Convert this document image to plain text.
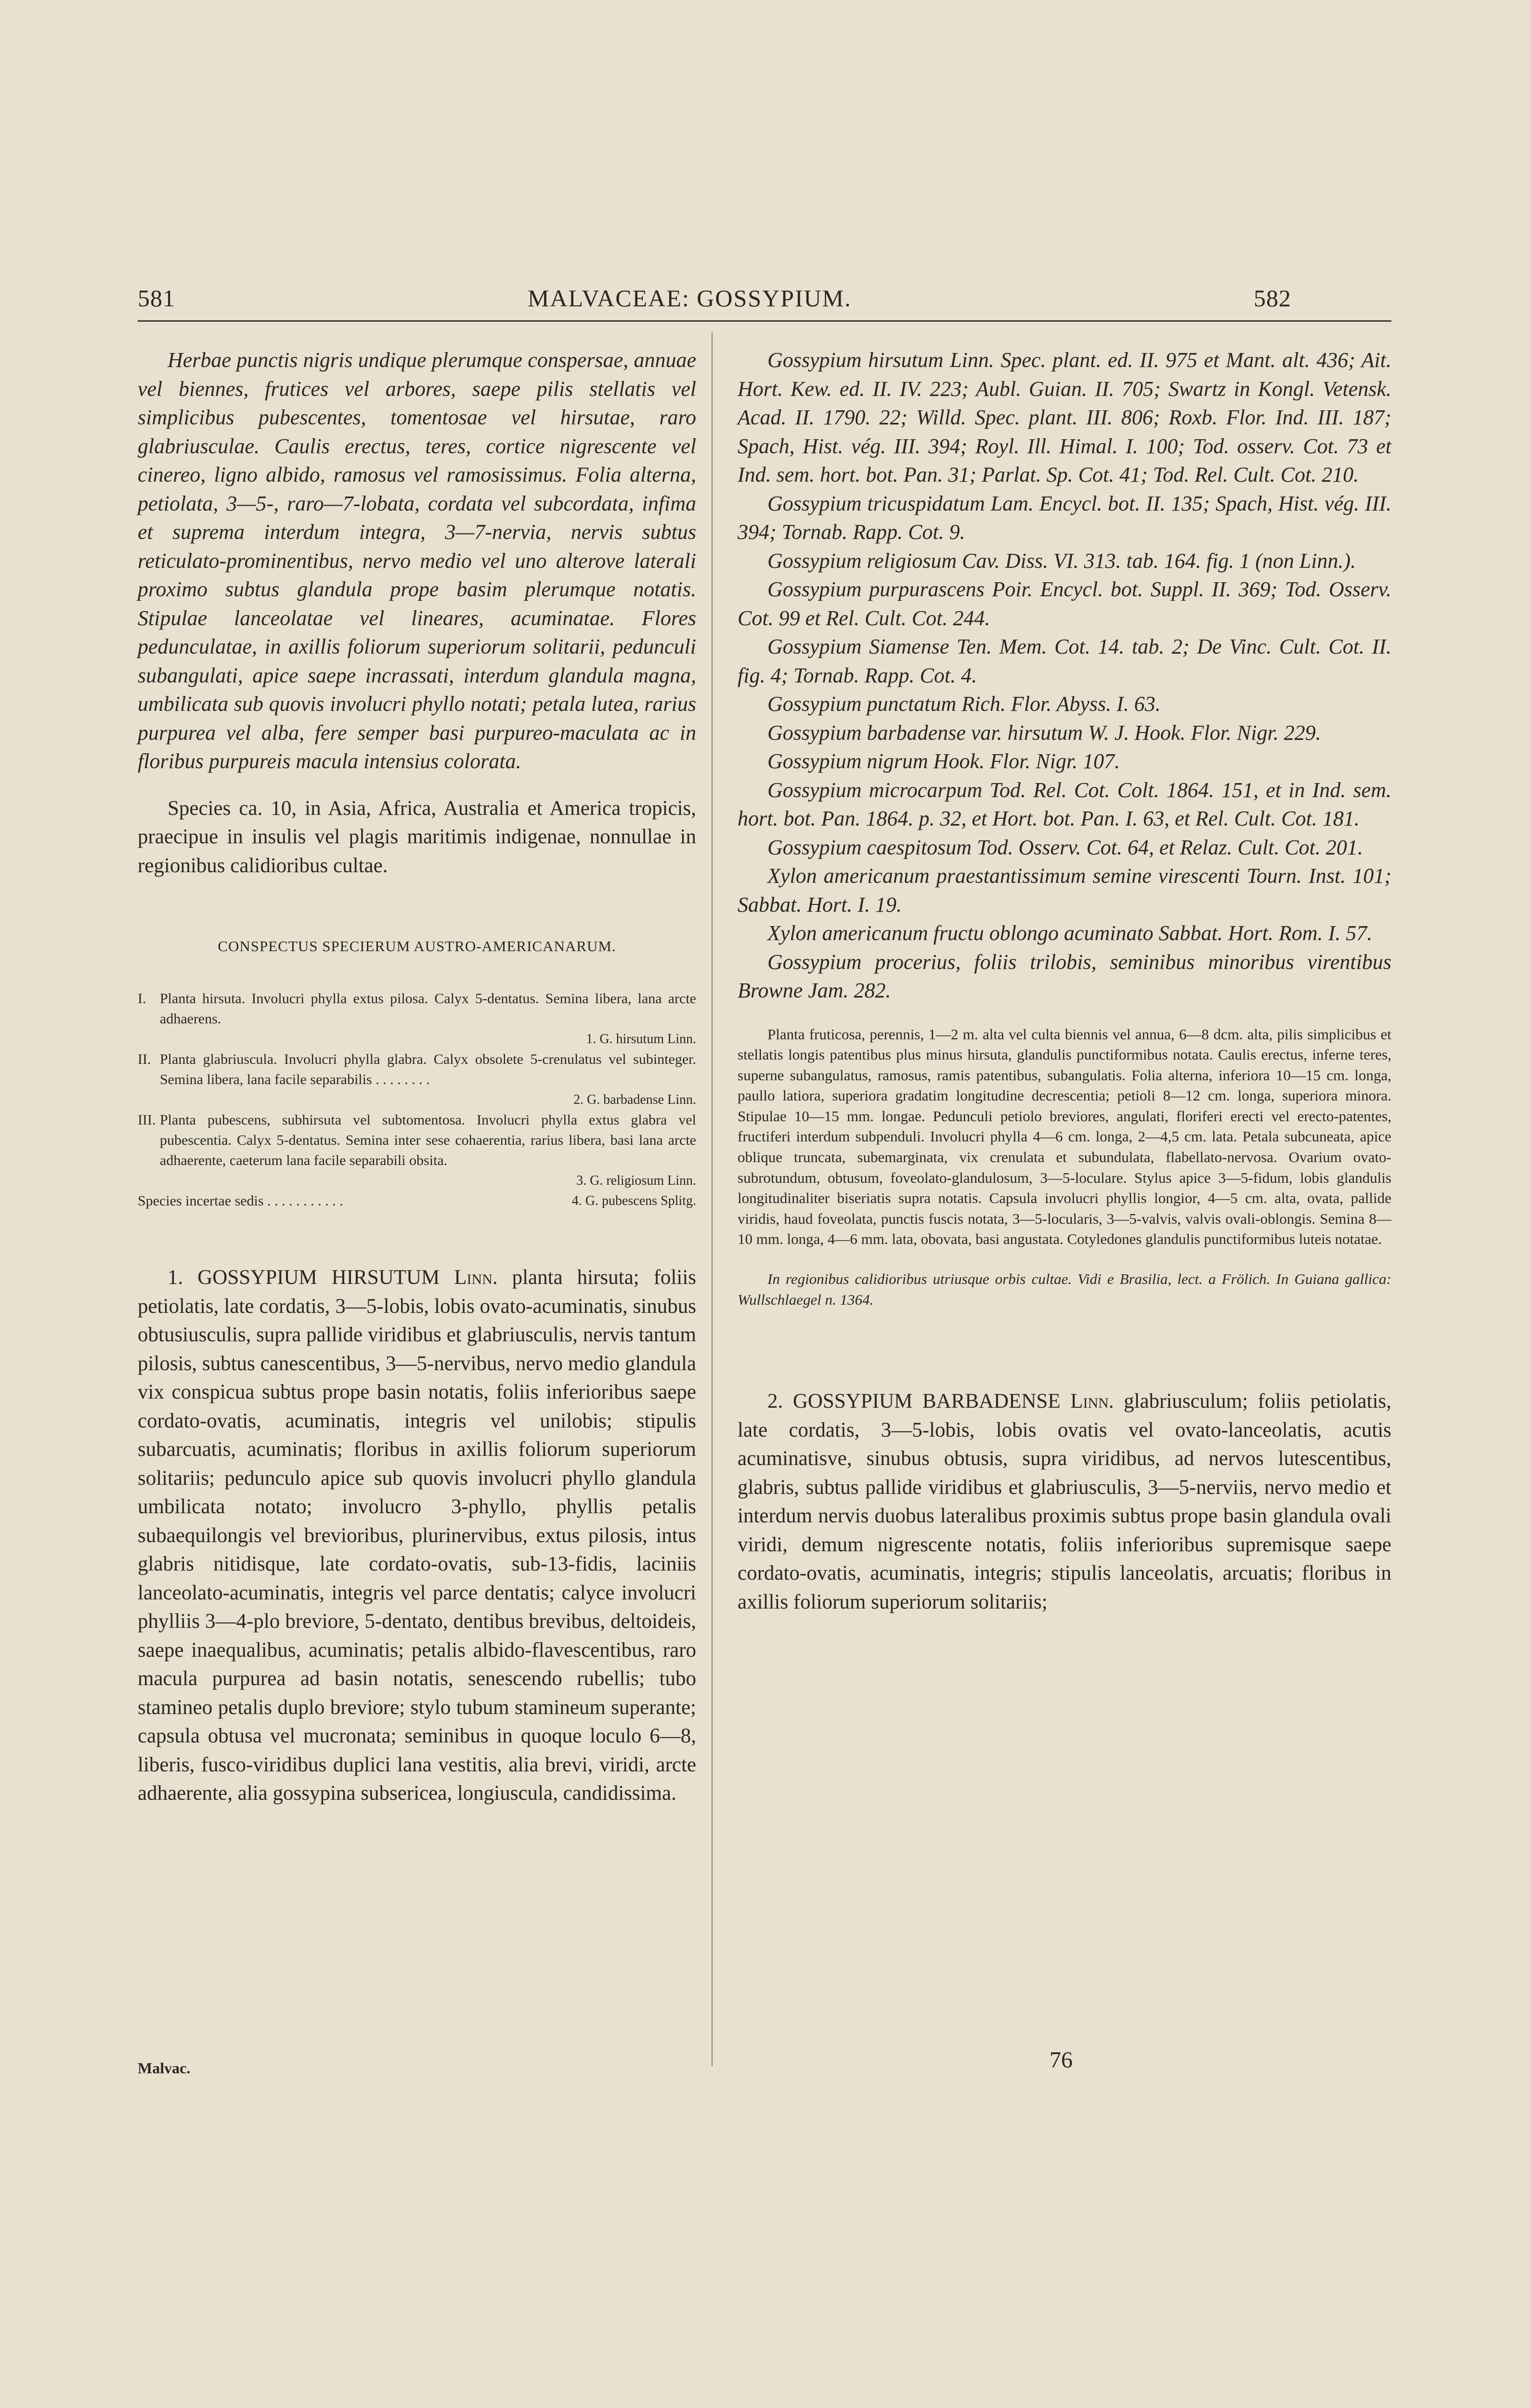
581	MALVACEAE: GOSSYPIUM.	582

Herbae punctis nigris undique plerumque conspersae, annuae vel biennes, frutices vel arbores, saepe pilis stellatis vel simplicibus pubescentes, tomentosae vel hirsutae, raro glabriusculae. Caulis erectus, teres, cortice nigrescente vel cinereo, ligno albido, ramosus vel ramosissimus. Folia alterna, petiolata, 3—5-, raro—7-lobata, cordata vel subcordata, infima et suprema interdum integra, 3—7-nervia, nervis subtus reticulato-prominentibus, nervo medio vel uno alterove laterali proximo subtus glandula prope basim plerumque notatis. Stipulae lanceolatae vel lineares, acuminatae. Flores pedunculatae, in axillis foliorum superiorum solitarii, pedunculi subangulati, apice saepe incrassati, interdum glandula magna, umbilicata sub quovis involucri phyllo notati; petala lutea, rarius purpurea vel alba, fere semper basi purpureo-maculata ac in floribus purpureis macula intensius colorata.

Species ca. 10, in Asia, Africa, Australia et America tropicis, praecipue in insulis vel plagis maritimis indigenae, nonnullae in regionibus calidioribus cultae.

CONSPECTUS SPECIERUM AUSTRO-AMERICANARUM.

I. Planta hirsuta. Involucri phylla extus pilosa. Calyx 5-dentatus. Semina libera, lana arcte adhaerens.
1. G. hirsutum Linn.
II. Planta glabriuscula. Involucri phylla glabra. Calyx obsolete 5-crenulatus vel subinteger. Semina libera, lana facile separabilis . . . . . . . .
2. G. barbadense Linn.
III. Planta pubescens, subhirsuta vel subtomentosa. Involucri phylla extus glabra vel pubescentia. Calyx 5-dentatus. Semina inter sese cohaerentia, rarius libera, basi lana arcte adhaerente, caeterum lana facile separabili obsita.
3. G. religiosum Linn.
Species incertae sedis . . . . . . . . . . .	4. G. pubescens Splitg.

1. GOSSYPIUM HIRSUTUM Linn. planta hirsuta; foliis petiolatis, late cordatis, 3—5-lobis, lobis ovato-acuminatis, sinubus obtusiusculis, supra pallide viridibus et glabriusculis, nervis tantum pilosis, subtus canescentibus, 3—5-nervibus, nervo medio glandula vix conspicua subtus prope basin notatis, foliis inferioribus saepe cordato-ovatis, acuminatis, integris vel unilobis; stipulis subarcuatis, acuminatis; floribus in axillis foliorum superiorum solitariis; pedunculo apice sub quovis involucri phyllo glandula umbilicata notato; involucro 3-phyllo, phyllis petalis subaequilongis vel brevioribus, plurinervibus, extus pilosis, intus glabris nitidisque, late cordato-ovatis, sub-13-fidis, laciniis lanceolato-acuminatis, integris vel parce dentatis; calyce involucri phylliis 3—4-plo breviore, 5-dentato, dentibus brevibus, deltoideis, saepe inaequalibus, acuminatis; petalis albido-flavescentibus, raro macula purpurea ad basin notatis, senescendo rubellis; tubo stamineo petalis duplo breviore; stylo tubum stamineum superante; capsula obtusa vel mucronata; seminibus in quoque loculo 6—8, liberis, fusco-viridibus duplici lana vestitis, alia brevi, viridi, arcte adhaerente, alia gossypina subsericea, longiuscula, candidissima.

Gossypium hirsutum Linn. Spec. plant. ed. II. 975 et Mant. alt. 436; Ait. Hort. Kew. ed. II. IV. 223; Aubl. Guian. II. 705; Swartz in Kongl. Vetensk. Acad. II. 1790. 22; Willd. Spec. plant. III. 806; Roxb. Flor. Ind. III. 187; Spach, Hist. vég. III. 394; Royl. Ill. Himal. I. 100; Tod. osserv. Cot. 73 et Ind. sem. hort. bot. Pan. 31; Parlat. Sp. Cot. 41; Tod. Rel. Cult. Cot. 210.

Gossypium tricuspidatum Lam. Encycl. bot. II. 135; Spach, Hist. vég. III. 394; Tornab. Rapp. Cot. 9.

Gossypium religiosum Cav. Diss. VI. 313. tab. 164. fig. 1 (non Linn.).

Gossypium purpurascens Poir. Encycl. bot. Suppl. II. 369; Tod. Osserv. Cot. 99 et Rel. Cult. Cot. 244.

Gossypium Siamense Ten. Mem. Cot. 14. tab. 2; De Vinc. Cult. Cot. II. fig. 4; Tornab. Rapp. Cot. 4.

Gossypium punctatum Rich. Flor. Abyss. I. 63.

Gossypium barbadense var. hirsutum W. J. Hook. Flor. Nigr. 229.

Gossypium nigrum Hook. Flor. Nigr. 107.

Gossypium microcarpum Tod. Rel. Cot. Colt. 1864. 151, et in Ind. sem. hort. bot. Pan. 1864. p. 32, et Hort. bot. Pan. I. 63, et Rel. Cult. Cot. 181.

Gossypium caespitosum Tod. Osserv. Cot. 64, et Relaz. Cult. Cot. 201.

Xylon americanum praestantissimum semine virescenti Tourn. Inst. 101; Sabbat. Hort. I. 19.

Xylon americanum fructu oblongo acuminato Sabbat. Hort. Rom. I. 57.

Gossypium procerius, foliis trilobis, seminibus minoribus virentibus Browne Jam. 282.

Planta fruticosa, perennis, 1—2 m. alta vel culta biennis vel annua, 6—8 dcm. alta, pilis simplicibus et stellatis longis patentibus plus minus hirsuta, glandulis punctiformibus notata. Caulis erectus, inferne teres, superne subangulatus, ramosus, ramis patentibus, subangulatis. Folia alterna, inferiora 10—15 cm. longa, paullo latiora, superiora gradatim longitudine decrescentia; petioli 8—12 cm. longa, superiora minora. Stipulae 10—15 mm. longae. Pedunculi petiolo breviores, angulati, floriferi erecti vel erecto-patentes, fructiferi interdum subpenduli. Involucri phylla 4—6 cm. longa, 2—4,5 cm. lata. Petala subcuneata, apice oblique truncata, subemarginata, vix crenulata et subundulata, flabellato-nervosa. Ovarium ovato-subrotundum, obtusum, foveolato-glandulosum, 3—5-loculare. Stylus apice 3—5-fidum, lobis glandulis longitudinaliter biseriatis supra notatis. Capsula involucri phyllis longior, 4—5 cm. alta, ovata, pallide viridis, haud foveolata, punctis fuscis notata, 3—5-locularis, 3—5-valvis, valvis ovali-oblongis. Semina 8—10 mm. longa, 4—6 mm. lata, obovata, basi angustata. Cotyledones glandulis punctiformibus luteis notatae.

In regionibus calidioribus utriusque orbis cultae. Vidi e Brasilia, lect. a Frölich. In Guiana gallica: Wullschlaegel n. 1364.

2. GOSSYPIUM BARBADENSE Linn. glabriusculum; foliis petiolatis, late cordatis, 3—5-lobis, lobis ovatis vel ovato-lanceolatis, acutis acuminatisve, sinubus obtusis, supra viridibus, ad nervos lutescentibus, glabris, subtus pallide viridibus et glabriusculis, 3—5-nerviis, nervo medio et interdum nervis duobus lateralibus proximis subtus prope basin glandula ovali viridi, demum nigrescente notatis, foliis inferioribus supremisque saepe cordato-ovatis, acuminatis, integris; stipulis lanceolatis, arcuatis; floribus in axillis foliorum superiorum solitariis;

Malvac.	76
